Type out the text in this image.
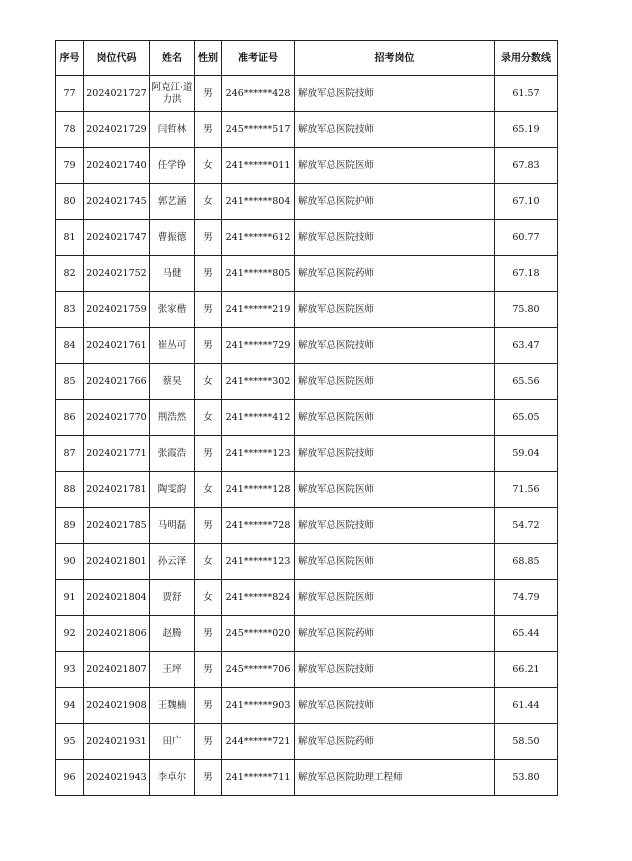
序号	岗位代码	姓名	性别	准考证号	招考岗位	录用分数线
77	2024021727	阿克江·道力洪	男	246******428	解放军总医院技师	61.57
78	2024021729	闫哲林	男	245******517	解放军总医院技师	65.19
79	2024021740	任学铮	女	241******011	解放军总医院医师	67.83
80	2024021745	郭艺涵	女	241******804	解放军总医院护师	67.10
81	2024021747	曹振德	男	241******612	解放军总医院技师	60.77
82	2024021752	马健	男	241******805	解放军总医院药师	67.18
83	2024021759	张家楷	男	241******219	解放军总医院医师	75.80
84	2024021761	崔丛可	男	241******729	解放军总医院技师	63.47
85	2024021766	蔡昊	女	241******302	解放军总医院医师	65.56
86	2024021770	荆浩然	女	241******412	解放军总医院医师	65.05
87	2024021771	张霞浩	男	241******123	解放军总医院技师	59.04
88	2024021781	陶雯韵	女	241******128	解放军总医院医师	71.56
89	2024021785	马明磊	男	241******728	解放军总医院技师	54.72
90	2024021801	孙云泽	女	241******123	解放军总医院医师	68.85
91	2024021804	贾舒	女	241******824	解放军总医院医师	74.79
92	2024021806	赵腾	男	245******020	解放军总医院药师	65.44
93	2024021807	王坪	男	245******706	解放军总医院技师	66.21
94	2024021908	王魏楠	男	241******903	解放军总医院技师	61.44
95	2024021931	田广	男	244******721	解放军总医院药师	58.50
96	2024021943	李卓尔	男	241******711	解放军总医院助理工程师	53.80
